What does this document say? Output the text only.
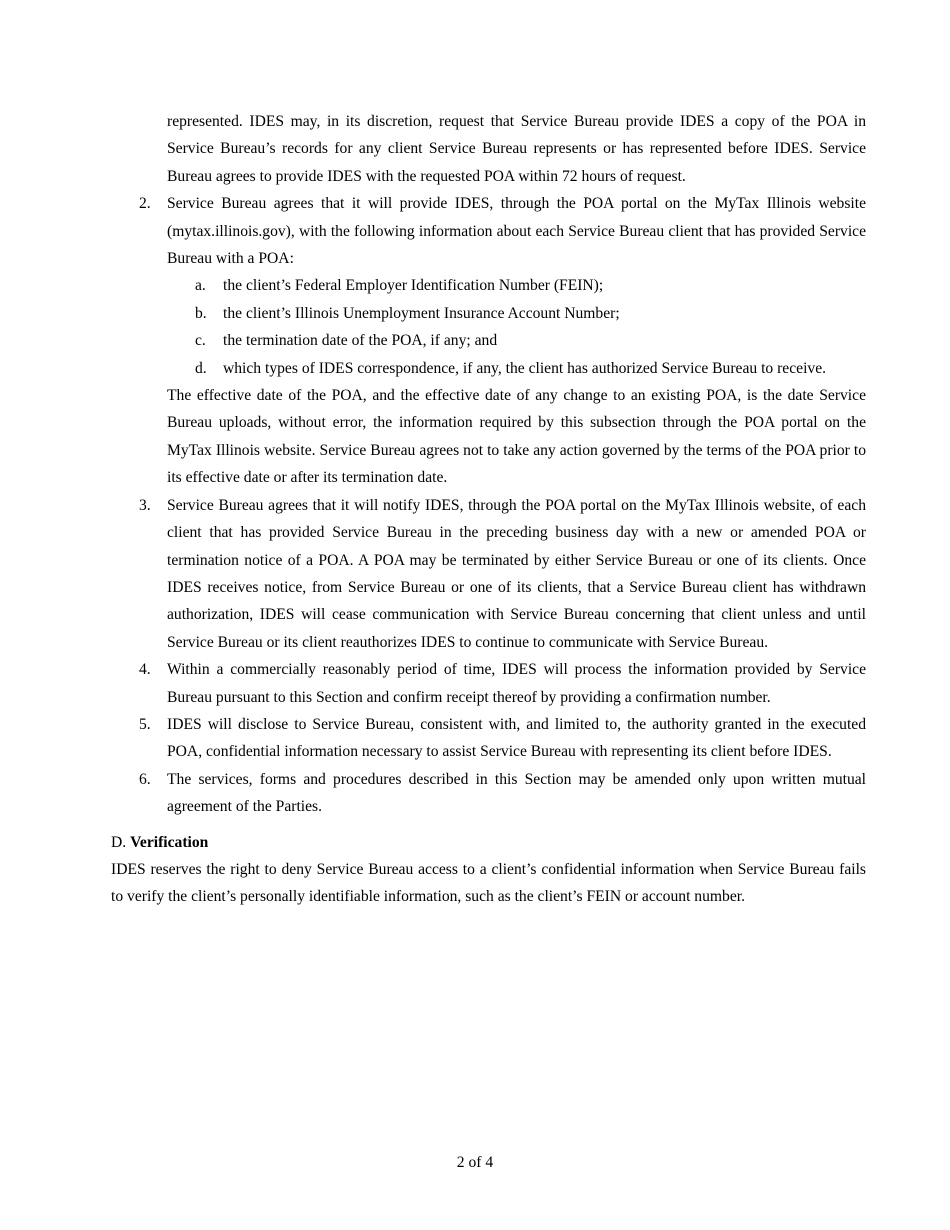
represented. IDES may, in its discretion, request that Service Bureau provide IDES a copy of the POA in Service Bureau’s records for any client Service Bureau represents or has represented before IDES. Service Bureau agrees to provide IDES with the requested POA within 72 hours of request.

2. Service Bureau agrees that it will provide IDES, through the POA portal on the MyTax Illinois website (mytax.illinois.gov), with the following information about each Service Bureau client that has provided Service Bureau with a POA:

a. the client’s Federal Employer Identification Number (FEIN);

b. the client’s Illinois Unemployment Insurance Account Number;

c. the termination date of the POA, if any; and

d. which types of IDES correspondence, if any, the client has authorized Service Bureau to receive.

The effective date of the POA, and the effective date of any change to an existing POA, is the date Service Bureau uploads, without error, the information required by this subsection through the POA portal on the MyTax Illinois website. Service Bureau agrees not to take any action governed by the terms of the POA prior to its effective date or after its termination date.

3. Service Bureau agrees that it will notify IDES, through the POA portal on the MyTax Illinois website, of each client that has provided Service Bureau in the preceding business day with a new or amended POA or termination notice of a POA. A POA may be terminated by either Service Bureau or one of its clients. Once IDES receives notice, from Service Bureau or one of its clients, that a Service Bureau client has withdrawn authorization, IDES will cease communication with Service Bureau concerning that client unless and until Service Bureau or its client reauthorizes IDES to continue to communicate with Service Bureau.

4. Within a commercially reasonably period of time, IDES will process the information provided by Service Bureau pursuant to this Section and confirm receipt thereof by providing a confirmation number.

5. IDES will disclose to Service Bureau, consistent with, and limited to, the authority granted in the executed POA, confidential information necessary to assist Service Bureau with representing its client before IDES.

6. The services, forms and procedures described in this Section may be amended only upon written mutual agreement of the Parties.

D. Verification

IDES reserves the right to deny Service Bureau access to a client’s confidential information when Service Bureau fails to verify the client’s personally identifiable information, such as the client’s FEIN or account number.

2 of 4
